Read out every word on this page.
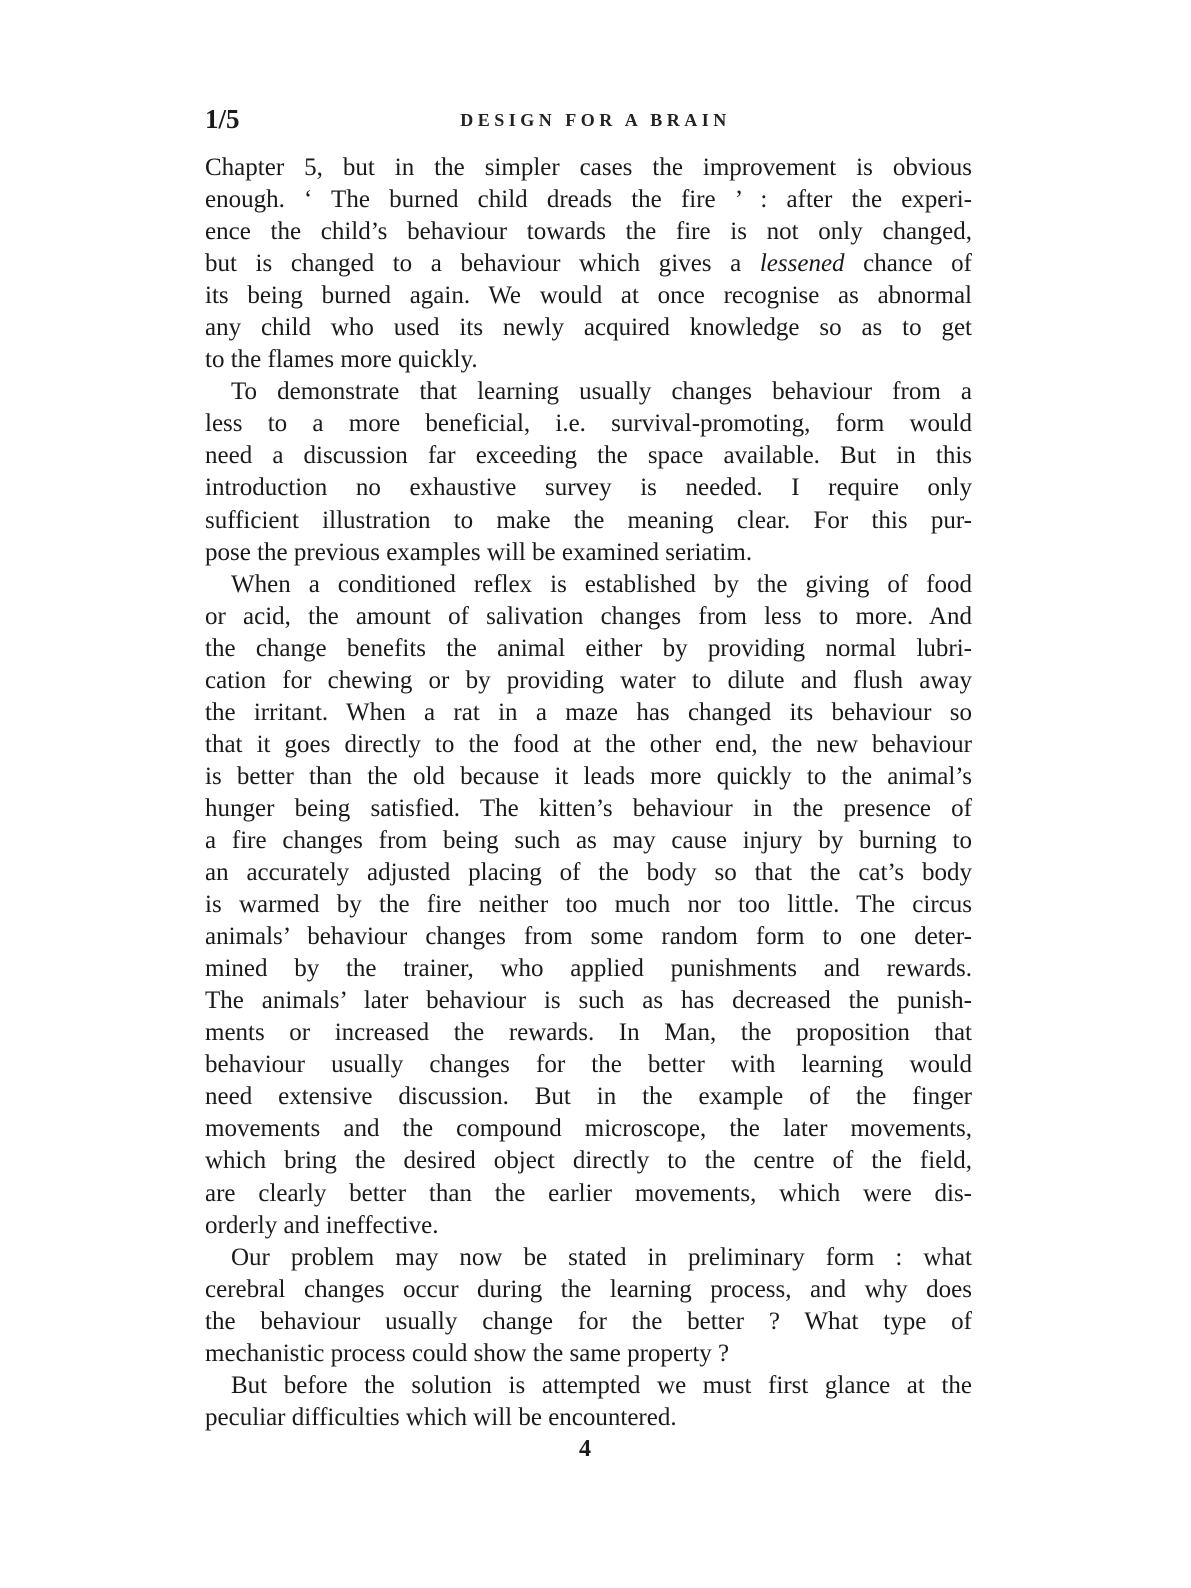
1/5	DESIGN FOR A BRAIN
Chapter 5, but in the simpler cases the improvement is obvious
enough. ‘ The burned child dreads the fire ’ : after the experi-
ence the child’s behaviour towards the fire is not only changed,
but is changed to a behaviour which gives a lessened chance of
its being burned again. We would at once recognise as abnormal
any child who used its newly acquired knowledge so as to get
to the flames more quickly.
To demonstrate that learning usually changes behaviour from a
less to a more beneficial, i.e. survival-promoting, form would
need a discussion far exceeding the space available. But in this
introduction no exhaustive survey is needed. I require only
sufficient illustration to make the meaning clear. For this pur-
pose the previous examples will be examined seriatim.
When a conditioned reflex is established by the giving of food
or acid, the amount of salivation changes from less to more. And
the change benefits the animal either by providing normal lubri-
cation for chewing or by providing water to dilute and flush away
the irritant. When a rat in a maze has changed its behaviour so
that it goes directly to the food at the other end, the new behaviour
is better than the old because it leads more quickly to the animal’s
hunger being satisfied. The kitten’s behaviour in the presence of
a fire changes from being such as may cause injury by burning to
an accurately adjusted placing of the body so that the cat’s body
is warmed by the fire neither too much nor too little. The circus
animals’ behaviour changes from some random form to one deter-
mined by the trainer, who applied punishments and rewards.
The animals’ later behaviour is such as has decreased the punish-
ments or increased the rewards. In Man, the proposition that
behaviour usually changes for the better with learning would
need extensive discussion. But in the example of the finger
movements and the compound microscope, the later movements,
which bring the desired object directly to the centre of the field,
are clearly better than the earlier movements, which were dis-
orderly and ineffective.
Our problem may now be stated in preliminary form : what
cerebral changes occur during the learning process, and why does
the behaviour usually change for the better ? What type of
mechanistic process could show the same property ?
But before the solution is attempted we must first glance at the
peculiar difficulties which will be encountered.
4
